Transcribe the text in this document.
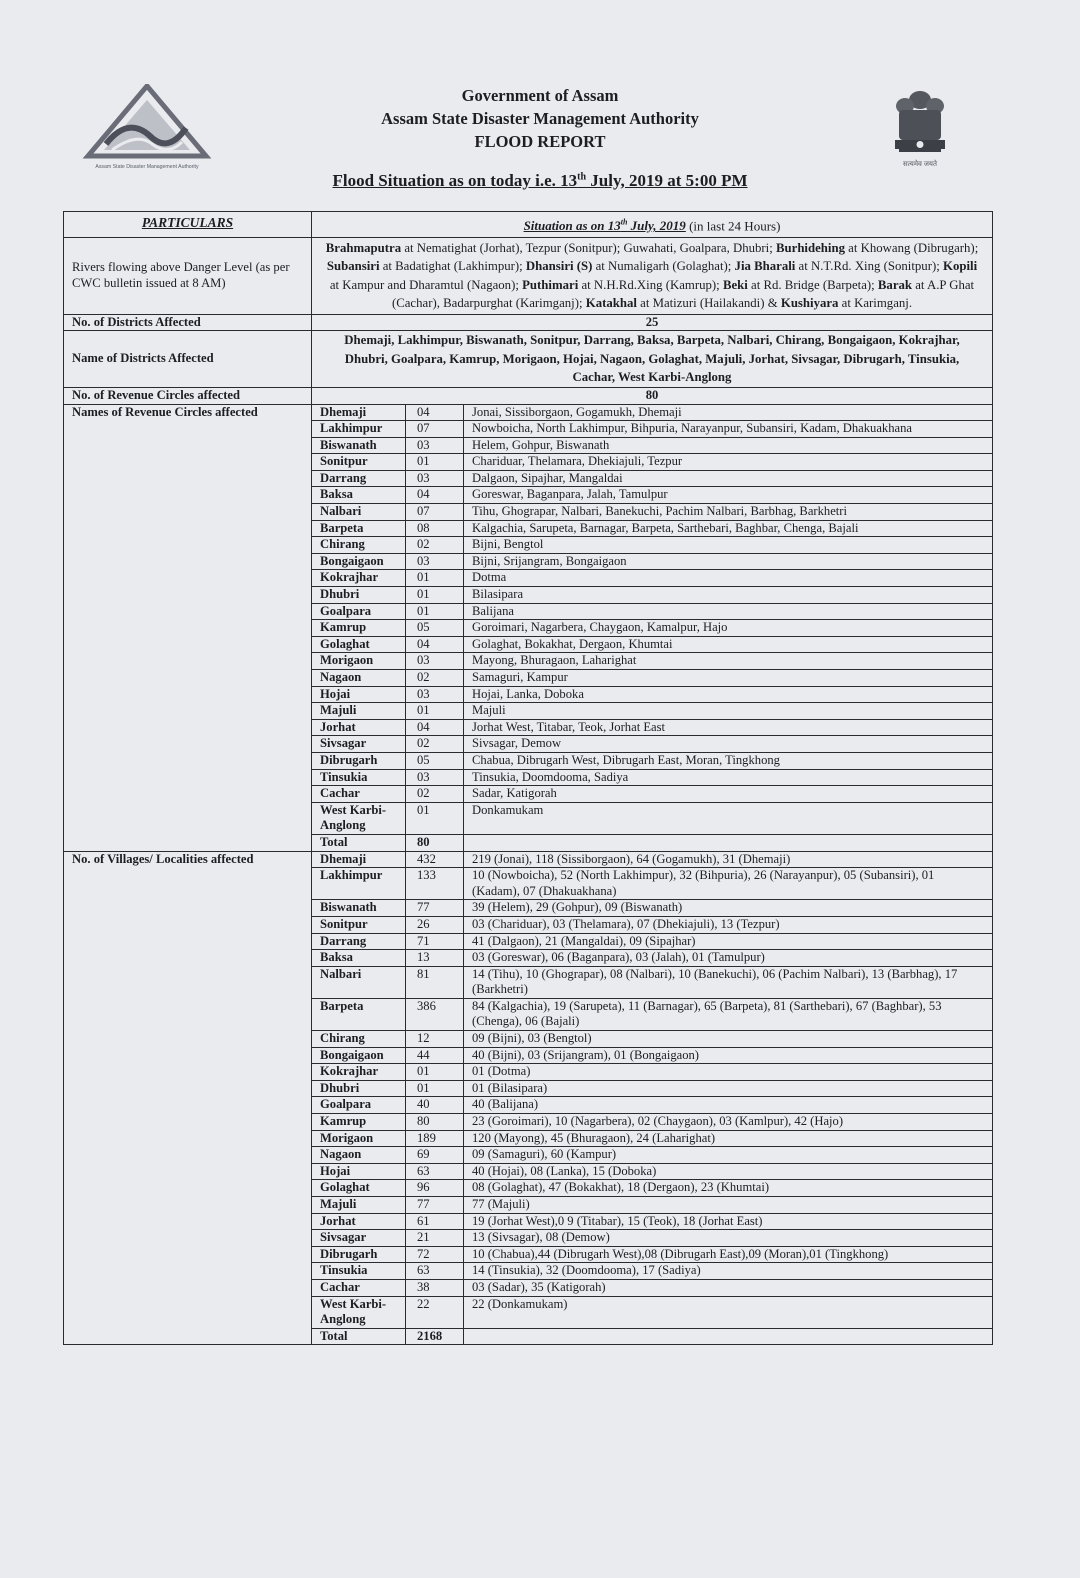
Assam State Disaster Management Authority	सत्यमेव जयते
Government of Assam
Assam State Disaster Management Authority
FLOOD REPORT
Flood Situation as on today i.e. 13th July, 2019 at 5:00 PM
PARTICULARS	Situation as on 13th July, 2019 (in last 24 Hours)		
Rivers flowing above Danger Level (as per CWC bulletin issued at 8 AM)	Brahmaputra at Nematighat (Jorhat), Tezpur (Sonitpur); Guwahati, Goalpara, Dhubri; Burhidehing at Khowang (Dibrugarh); Subansiri at Badatighat (Lakhimpur); Dhansiri (S) at Numaligarh (Golaghat); Jia Bharali at N.T.Rd. Xing (Sonitpur); Kopili at Kampur and Dharamtul (Nagaon); Puthimari at N.H.Rd.Xing (Kamrup); Beki at Rd. Bridge (Barpeta); Barak at A.P Ghat (Cachar), Badarpurghat (Karimganj); Katakhal at Matizuri (Hailakandi) & Kushiyara at Karimganj.		
No. of Districts Affected	25		
Name of Districts Affected	Dhemaji, Lakhimpur, Biswanath, Sonitpur, Darrang, Baksa, Barpeta, Nalbari, Chirang, Bongaigaon, Kokrajhar, Dhubri, Goalpara, Kamrup, Morigaon, Hojai, Nagaon, Golaghat, Majuli, Jorhat, Sivsagar, Dibrugarh, Tinsukia, Cachar, West Karbi-Anglong		
No. of Revenue Circles affected	80		
Names of Revenue Circles affected	Dhemaji	04	Jonai, Sissiborgaon, Gogamukh, Dhemaji
	Lakhimpur	07	Nowboicha, North Lakhimpur, Bihpuria, Narayanpur, Subansiri, Kadam, Dhakuakhana
	Biswanath	03	Helem, Gohpur, Biswanath
	Sonitpur	01	Chariduar, Thelamara, Dhekiajuli, Tezpur
	Darrang	03	Dalgaon, Sipajhar, Mangaldai
	Baksa	04	Goreswar, Baganpara, Jalah, Tamulpur
	Nalbari	07	Tihu, Ghograpar, Nalbari, Banekuchi, Pachim Nalbari, Barbhag, Barkhetri
	Barpeta	08	Kalgachia, Sarupeta, Barnagar, Barpeta, Sarthebari, Baghbar, Chenga, Bajali
	Chirang	02	Bijni, Bengtol
	Bongaigaon	03	Bijni, Srijangram, Bongaigaon
	Kokrajhar	01	Dotma
	Dhubri	01	Bilasipara
	Goalpara	01	Balijana
	Kamrup	05	Goroimari, Nagarbera, Chaygaon, Kamalpur, Hajo
	Golaghat	04	Golaghat, Bokakhat, Dergaon, Khumtai
	Morigaon	03	Mayong, Bhuragaon, Laharighat
	Nagaon	02	Samaguri, Kampur
	Hojai	03	Hojai, Lanka, Doboka
	Majuli	01	Majuli
	Jorhat	04	Jorhat West, Titabar, Teok, Jorhat East
	Sivsagar	02	Sivsagar, Demow
	Dibrugarh	05	Chabua, Dibrugarh West, Dibrugarh East, Moran, Tingkhong
	Tinsukia	03	Tinsukia, Doomdooma, Sadiya
	Cachar	02	Sadar, Katigorah
	West Karbi-Anglong	01	Donkamukam
	Total	80	
No. of Villages/ Localities affected	Dhemaji	432	219 (Jonai), 118 (Sissiborgaon), 64 (Gogamukh), 31 (Dhemaji)
	Lakhimpur	133	10 (Nowboicha), 52 (North Lakhimpur), 32 (Bihpuria), 26 (Narayanpur), 05 (Subansiri), 01 (Kadam), 07 (Dhakuakhana)
	Biswanath	77	39 (Helem), 29 (Gohpur), 09 (Biswanath)
	Sonitpur	26	03 (Chariduar), 03 (Thelamara), 07 (Dhekiajuli), 13 (Tezpur)
	Darrang	71	41 (Dalgaon), 21 (Mangaldai), 09 (Sipajhar)
	Baksa	13	03 (Goreswar), 06 (Baganpara), 03 (Jalah), 01 (Tamulpur)
	Nalbari	81	14 (Tihu), 10 (Ghograpar), 08 (Nalbari), 10 (Banekuchi), 06 (Pachim Nalbari), 13 (Barbhag), 17 (Barkhetri)
	Barpeta	386	84 (Kalgachia), 19 (Sarupeta), 11 (Barnagar), 65 (Barpeta), 81 (Sarthebari), 67 (Baghbar), 53 (Chenga), 06 (Bajali)
	Chirang	12	09 (Bijni), 03 (Bengtol)
	Bongaigaon	44	40 (Bijni), 03 (Srijangram), 01 (Bongaigaon)
	Kokrajhar	01	01 (Dotma)
	Dhubri	01	01 (Bilasipara)
	Goalpara	40	40 (Balijana)
	Kamrup	80	23 (Goroimari), 10 (Nagarbera), 02 (Chaygaon), 03 (Kamlpur), 42 (Hajo)
	Morigaon	189	120 (Mayong), 45 (Bhuragaon), 24 (Laharighat)
	Nagaon	69	09 (Samaguri), 60 (Kampur)
	Hojai	63	40 (Hojai), 08 (Lanka), 15 (Doboka)
	Golaghat	96	08 (Golaghat), 47 (Bokakhat), 18 (Dergaon), 23 (Khumtai)
	Majuli	77	77 (Majuli)
	Jorhat	61	19 (Jorhat West),0 9 (Titabar), 15 (Teok), 18 (Jorhat East)
	Sivsagar	21	13 (Sivsagar), 08 (Demow)
	Dibrugarh	72	10 (Chabua),44 (Dibrugarh West),08 (Dibrugarh East),09 (Moran),01 (Tingkhong)
	Tinsukia	63	14 (Tinsukia), 32 (Doomdooma), 17 (Sadiya)
	Cachar	38	03 (Sadar), 35 (Katigorah)
	West Karbi-Anglong	22	22 (Donkamukam)
	Total	2168	
